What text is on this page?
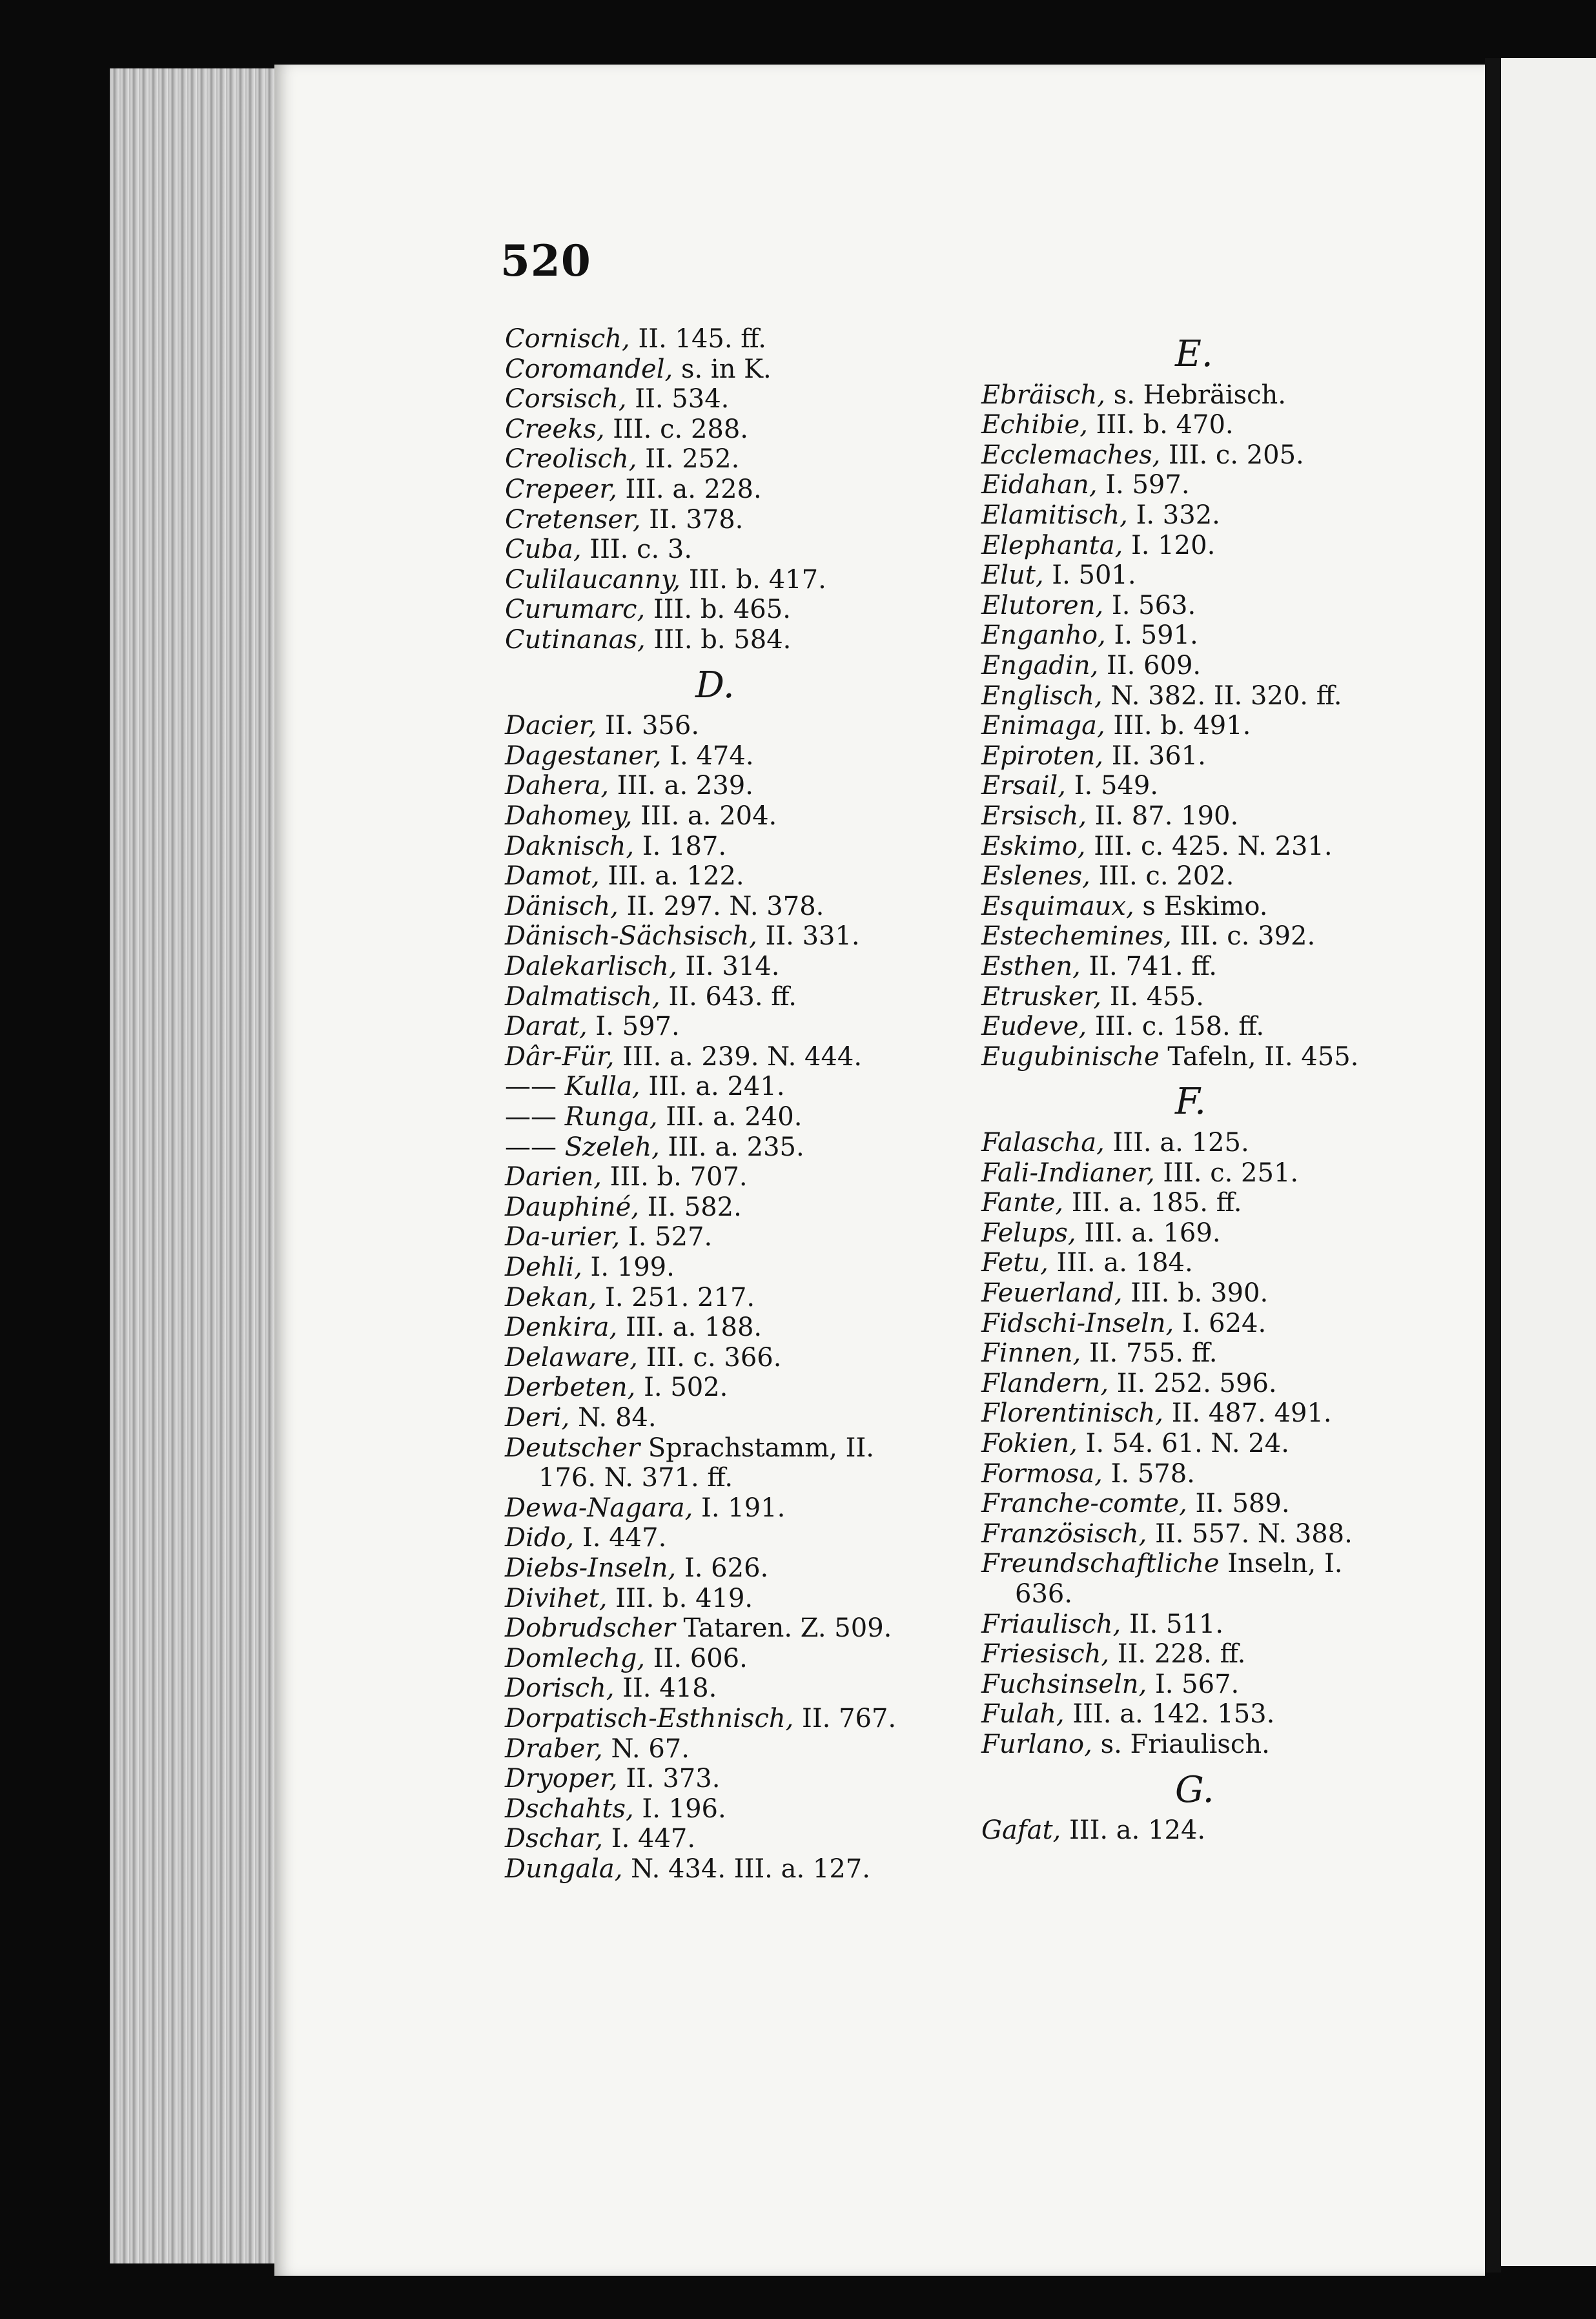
520
Cornisch, II. 145. ff.
Coromandel, s. in K.
Corsisch, II. 534.
Creeks, III. c. 288.
Creolisch, II. 252.
Crepeer, III. a. 228.
Cretenser, II. 378.
Cuba, III. c. 3.
Culilaucanny, III. b. 417.
Curumarc, III. b. 465.
Cutinanas, III. b. 584.
D.
Dacier, II. 356.
Dagestaner, I. 474.
Dahera, III. a. 239.
Dahomey, III. a. 204.
Daknisch, I. 187.
Damot, III. a. 122.
Dänisch, II. 297. N. 378.
Dänisch-Sächsisch, II. 331.
Dalekarlisch, II. 314.
Dalmatisch, II. 643. ff.
Darat, I. 597.
Dâr-Für, III. a. 239. N. 444.
—— Kulla, III. a. 241.
—— Runga, III. a. 240.
—— Szeleh, III. a. 235.
Darien, III. b. 707.
Dauphiné, II. 582.
Da-urier, I. 527.
Dehli, I. 199.
Dekan, I. 251. 217.
Denkira, III. a. 188.
Delaware, III. c. 366.
Derbeten, I. 502.
Deri, N. 84.
Deutscher Sprachstamm, II.
176. N. 371. ff.
Dewa-Nagara, I. 191.
Dido, I. 447.
Diebs-Inseln, I. 626.
Divihet, III. b. 419.
Dobrudscher Tataren. Z. 509.
Domlechg, II. 606.
Dorisch, II. 418.
Dorpatisch-Esthnisch, II. 767.
Draber, N. 67.
Dryoper, II. 373.
Dschahts, I. 196.
Dschar, I. 447.
Dungala, N. 434. III. a. 127.
E.
Ebräisch, s. Hebräisch.
Echibie, III. b. 470.
Ecclemaches, III. c. 205.
Eidahan, I. 597.
Elamitisch, I. 332.
Elephanta, I. 120.
Elut, I. 501.
Elutoren, I. 563.
Enganho, I. 591.
Engadin, II. 609.
Englisch, N. 382. II. 320. ff.
Enimaga, III. b. 491.
Epiroten, II. 361.
Ersail, I. 549.
Ersisch, II. 87. 190.
Eskimo, III. c. 425. N. 231.
Eslenes, III. c. 202.
Esquimaux, s Eskimo.
Estechemines, III. c. 392.
Esthen, II. 741. ff.
Etrusker, II. 455.
Eudeve, III. c. 158. ff.
Eugubinische Tafeln, II. 455.
F.
Falascha, III. a. 125.
Fali-Indianer, III. c. 251.
Fante, III. a. 185. ff.
Felups, III. a. 169.
Fetu, III. a. 184.
Feuerland, III. b. 390.
Fidschi-Inseln, I. 624.
Finnen, II. 755. ff.
Flandern, II. 252. 596.
Florentinisch, II. 487. 491.
Fokien, I. 54. 61. N. 24.
Formosa, I. 578.
Franche-comte, II. 589.
Französisch, II. 557. N. 388.
Freundschaftliche Inseln, I.
636.
Friaulisch, II. 511.
Friesisch, II. 228. ff.
Fuchsinseln, I. 567.
Fulah, III. a. 142. 153.
Furlano, s. Friaulisch.
G.
Gafat, III. a. 124.
